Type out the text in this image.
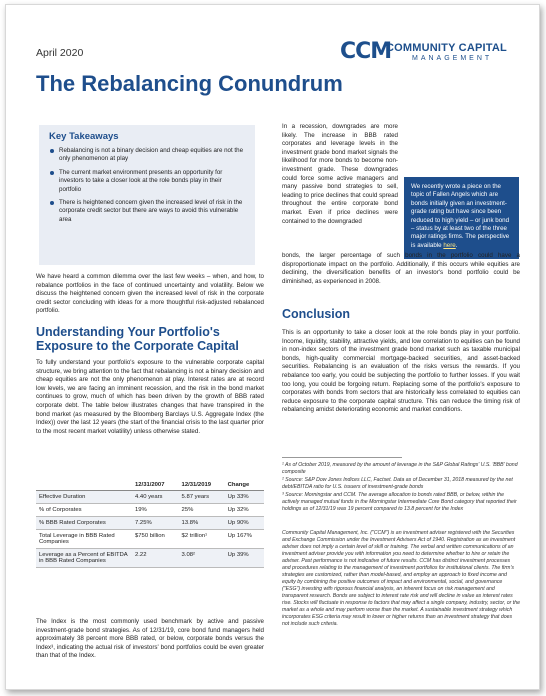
April 2020	CCM
COMMUNITY CAPITAL
MANAGEMENT
The Rebalancing Conundrum
Key Takeaways
Rebalancing is not a binary decision and cheap equities are not the only phenomenon at play
The current market environment presents an opportunity for investors to take a closer look at the role bonds play in their portfolio
There is heightened concern given the increased level of risk in the corporate credit sector but there are ways to avoid this vulnerable area
We have heard a common dilemma over the last few weeks – when, and how, to rebalance portfolios in the face of continued uncertainty and volatility. Below we discuss the heightened concern given the increased level of risk in the corporate credit sector concluding with ideas for a more thoughtful risk-adjusted rebalanced portfolio.
Understanding Your Portfolio's Exposure to the Corporate Capital
To fully understand your portfolio's exposure to the vulnerable corporate capital structure, we bring attention to the fact that rebalancing is not a binary decision and cheap equities are not the only phenomenon at play. Interest rates are at record low levels, we are facing an imminent recession, and the risk in the bond market continues to grow, much of which has been driven by the growth of BBB rated corporate debt. The table below illustrates changes that have transpired in the bond market (as measured by the Bloomberg Barclays U.S. Aggregate Index (the Index)) over the last 12 years (the start of the financial crisis to the last quarter prior to the most recent market volatility) unless otherwise stated.
	12/31/2007	12/31/2019	Change
Effective Duration	4.40 years	5.87 years	Up 33%
% of Corporates	19%	25%	Up 32%
% BBB Rated Corporates	7.25%	13.8%	Up 90%
Total Leverage in BBB Rated Companies	$750 billion	$2 trillion¹	Up 167%
Leverage as a Percent of EBITDA in BBB Rated Companies	2.22	3.08²	Up 39%
The Index is the most commonly used benchmark by active and passive investment-grade bond strategies. As of 12/31/19, core bond fund managers held approximately 38 percent more BBB rated, or below, corporate bonds versus the Index³, indicating the actual risk of investors' bond portfolios could be even greater than that of the Index.
In a recession, downgrades are more likely. The increase in BBB rated corporates and leverage levels in the investment grade bond market signals the likelihood for more bonds to become non-investment grade. These downgrades could force some active managers and many passive bond strategies to sell, leading to price declines that could spread throughout the entire corporate bond market. Even if price declines were contained to the downgraded
We recently wrote a piece on the topic of Fallen Angels which are bonds initially given an investment-grade rating but have since been reduced to high yield – or junk bond – status by at least two of the three major ratings firms. The perspective is available here.
bonds, the larger percentage of such bonds in the portfolio could have a disproportionate impact on the portfolio. Additionally, if this occurs while equities are declining, the diversification benefits of an investor's bond portfolio could be diminished, as experienced in 2008.
Conclusion
This is an opportunity to take a closer look at the role bonds play in your portfolio. Income, liquidity, stability, attractive yields, and low correlation to equities can be found in non-index sectors of the investment grade bond market such as taxable municipal bonds, high-quality commercial mortgage-backed securities, and asset-backed securities. Rebalancing is an evaluation of the risks versus the rewards. If you rebalance too early, you could be subjecting the portfolio to further losses. If you wait too long, you could be forgoing return. Replacing some of the portfolio's exposure to corporates with bonds from sectors that are historically less correlated to equities can reduce exposure to the corporate capital structure. This can reduce the timing risk of rebalancing amidst deteriorating economic and market conditions.
¹ As of October 2019, measured by the amount of leverage in the S&P Global Ratings' U.S. 'BBB' bond composite
² Source: S&P Dow Jones Indices LLC, Factset. Data as of December 31, 2018 measured by the net debt/EBITDA ratio for U.S. issuers of investment-grade bonds
³ Source: Morningstar and CCM. The average allocation to bonds rated BBB, or below, within the actively managed mutual funds in the Morningstar Intermediate Core Bond category that reported their holdings as of 12/31/19 was 19 percent compared to 13.8 percent for the Index
Community Capital Management, Inc. ("CCM") is an investment adviser registered with the Securities and Exchange Commission under the Investment Advisers Act of 1940. Registration as an investment adviser does not imply a certain level of skill or training. The verbal and written communications of an investment adviser provide you with information you need to determine whether to hire or retain the adviser. Past performance is not indicative of future results. CCM has distinct investment processes and procedures relating to the management of investment portfolios for institutional clients. The firm's strategies are customized, rather than model-based, and employ an approach to fixed income and equity by combining the positive outcomes of impact and environmental, social, and governance ("ESG") investing with rigorous financial analysis, an inherent focus on risk management and transparent research. Bonds are subject to interest rate risk and will decline in value as interest rates rise. Stocks will fluctuate in response to factors that may affect a single company, industry, sector, or the market as a whole and may perform worse than the market. A sustainable investment strategy which incorporates ESG criteria may result in lower or higher returns than an investment strategy that does not include such criteria.
